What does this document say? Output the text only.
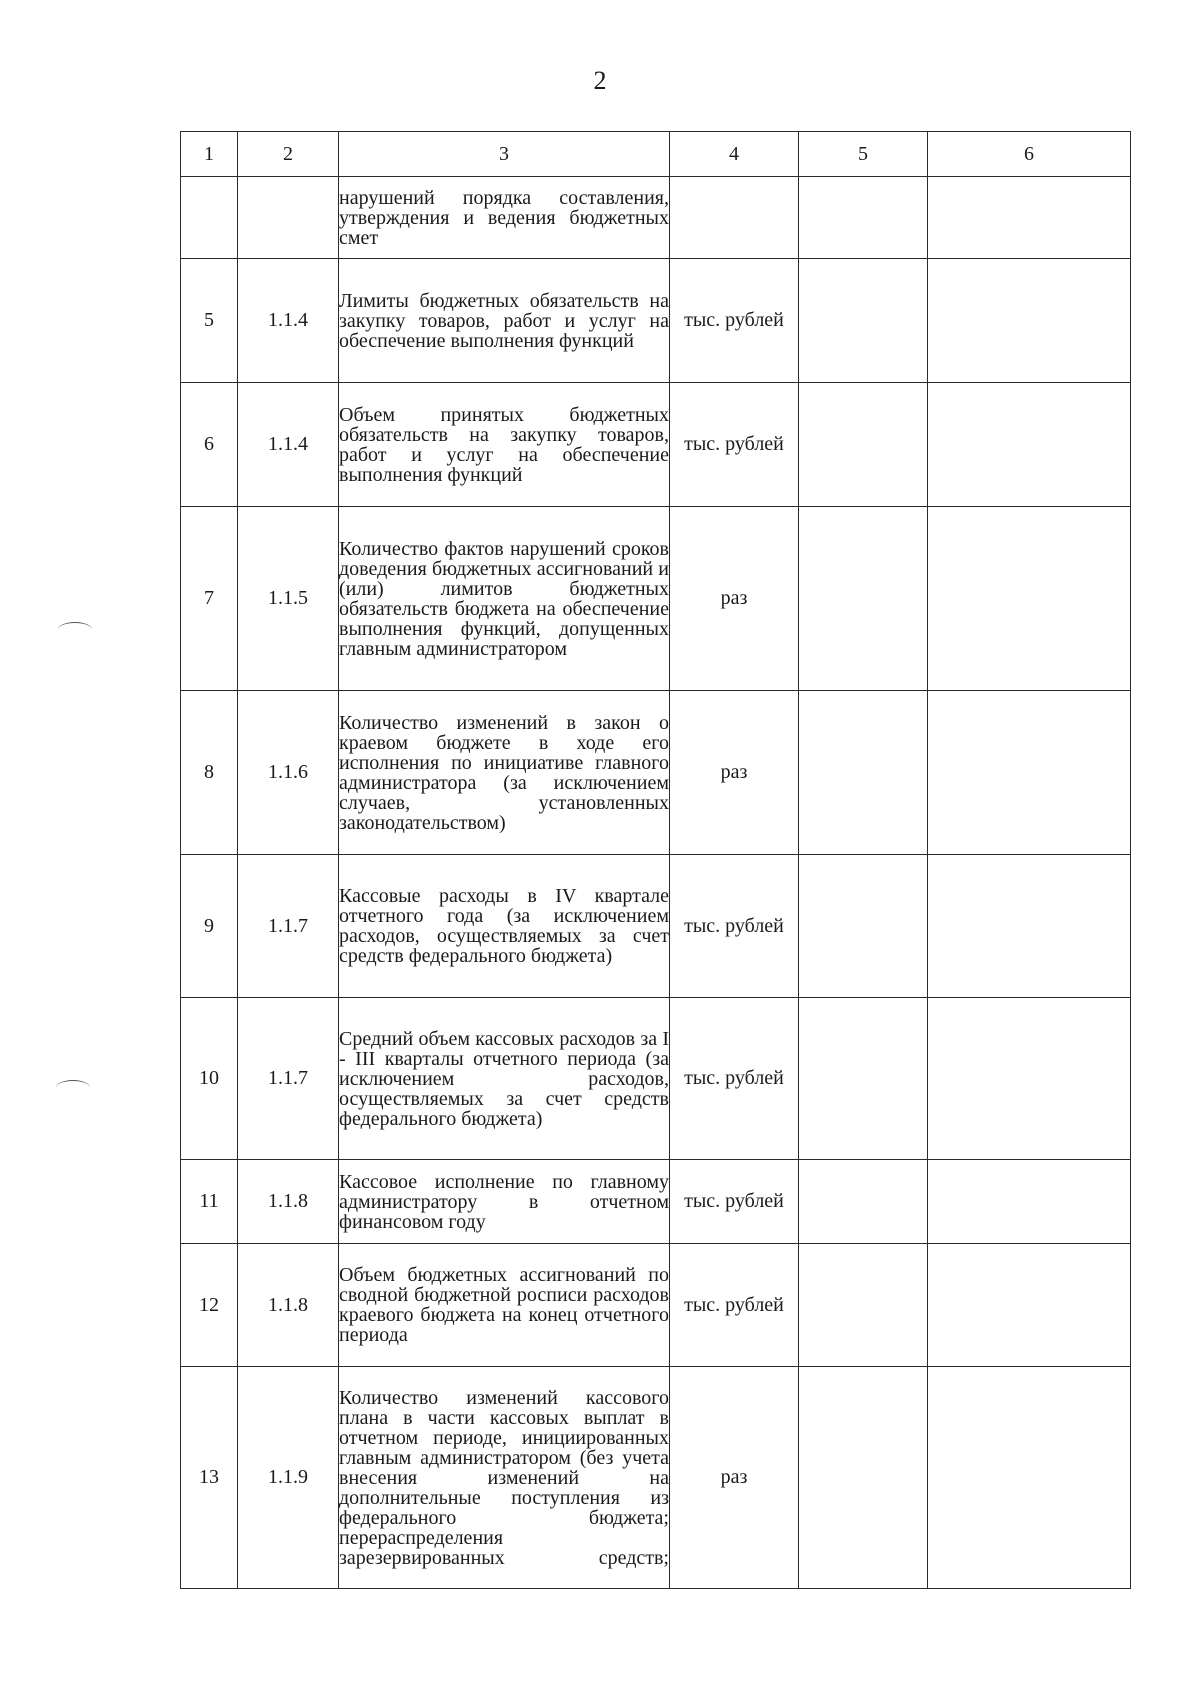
2
1	2	3	4	5	6
		нарушений порядка составления, утверждения и ведения бюджетных смет			
5	1.1.4	Лимиты бюджетных обязательств на закупку товаров, работ и услуг на обеспечение выполнения функций	тыс. рублей		
6	1.1.4	Объем принятых бюджетных обязательств на закупку товаров, работ и услуг на обеспечение выполнения функций	тыс. рублей		
7	1.1.5	Количество фактов нарушений сроков доведения бюджетных ассигнований и (или) лимитов бюджетных обязательств бюджета на обеспечение выполнения функций, допущенных главным администратором	раз		
8	1.1.6	Количество изменений в закон о краевом бюджете в ходе его исполнения по инициативе главного администратора (за исключением случаев, установленных законодательством)	раз		
9	1.1.7	Кассовые расходы в IV квартале отчетного года (за исключением расходов, осуществляемых за счет средств федерального бюджета)	тыс. рублей		
10	1.1.7	Средний объем кассовых расходов за I - III кварталы отчетного периода (за исключением расходов, осуществляемых за счет средств федерального бюджета)	тыс. рублей		
11	1.1.8	Кассовое исполнение по главному администратору в отчетном финансовом году	тыс. рублей		
12	1.1.8	Объем бюджетных ассигнований по сводной бюджетной росписи расходов краевого бюджета на конец отчетного периода	тыс. рублей		
13	1.1.9	Количество изменений кассового плана в части кассовых выплат в отчетном периоде, инициированных главным администратором (без учета внесения изменений на дополнительные поступления из федерального бюджета; перераспределения зарезервированных средств;	раз		
